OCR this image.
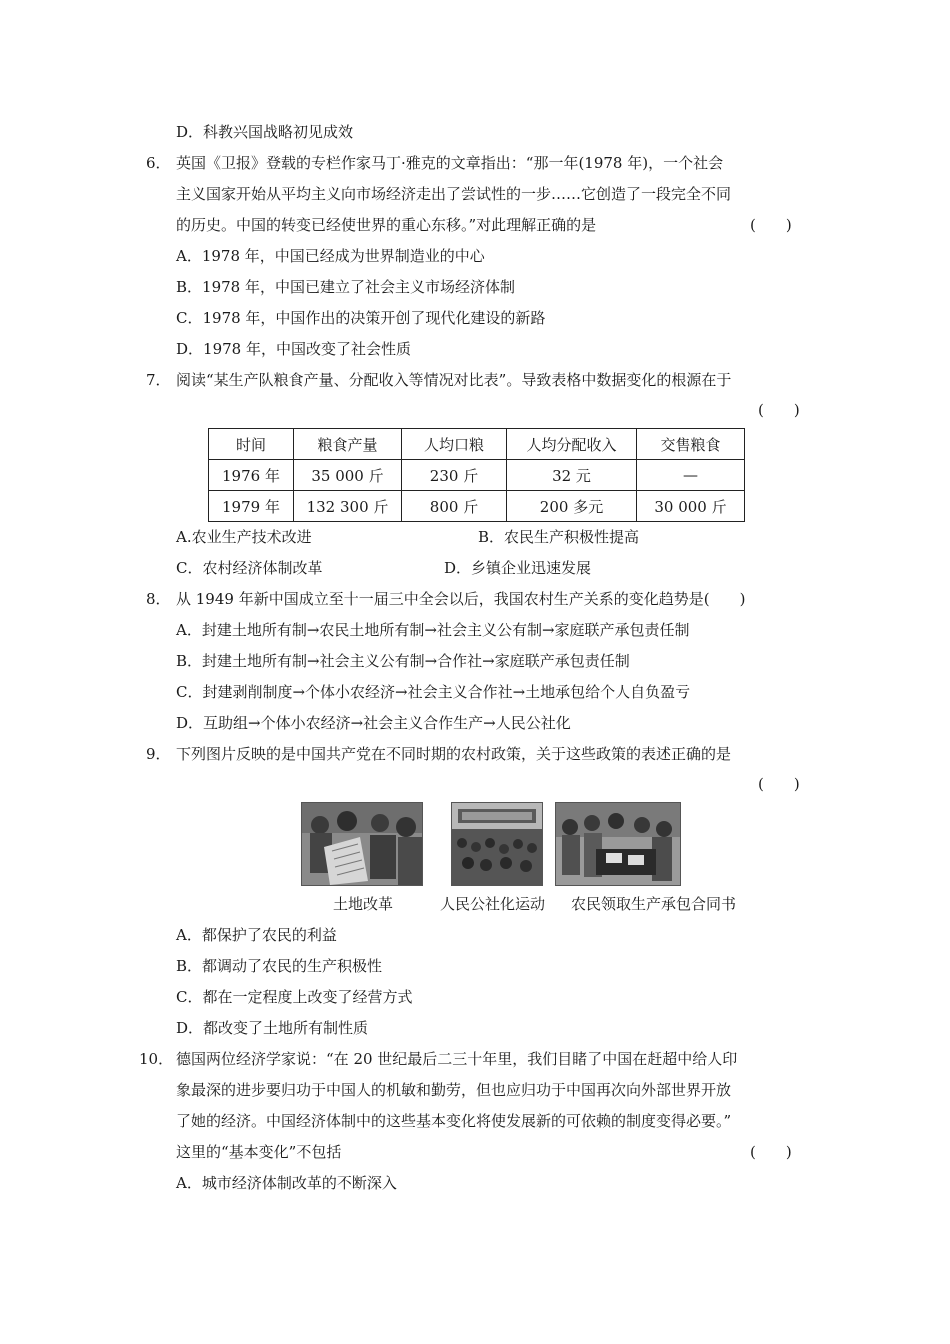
D．科教兴国战略初见成效
6． 英国《卫报》登载的专栏作家马丁·雅克的文章指出：“那一年(1978 年)，一个社会
主义国家开始从平均主义向市场经济走出了尝试性的一步……它创造了一段完全不同
的历史。中国的转变已经使世界的重心东移。”对此理解正确的是	(　　)
A．1978 年，中国已经成为世界制造业的中心
B．1978 年，中国已建立了社会主义市场经济体制
C．1978 年，中国作出的决策开创了现代化建设的新路
D．1978 年，中国改变了社会性质
7． 阅读“某生产队粮食产量、分配收入等情况对比表”。导致表格中数据变化的根源在于
(　　)
时间	粮食产量	人均口粮	人均分配收入	交售粮食
1976 年	35 000 斤	230 斤	32 元	—
1979 年	132 300 斤	800 斤	200 多元	30 000 斤
A.农业生产技术改进	B．农民生产积极性提高
C．农村经济体制改革	D．乡镇企业迅速发展
8． 从 1949 年新中国成立至十一届三中全会以后，我国农村生产关系的变化趋势是(　　)
A．封建土地所有制→农民土地所有制→社会主义公有制→家庭联产承包责任制
B．封建土地所有制→社会主义公有制→合作社→家庭联产承包责任制
C．封建剥削制度→个体小农经济→社会主义合作社→土地承包给个人自负盈亏
D．互助组→个体小农经济→社会主义合作生产→人民公社化
9． 下列图片反映的是中国共产党在不同时期的农村政策，关于这些政策的表述正确的是
(　　)
土地改革	人民公社化运动 农民领取生产承包合同书
A．都保护了农民的利益
B．都调动了农民的生产积极性
C．都在一定程度上改变了经营方式
D．都改变了土地所有制性质
10． 德国两位经济学家说：“在 20 世纪最后二三十年里，我们目睹了中国在赶超中给人印
象最深的进步要归功于中国人的机敏和勤劳，但也应归功于中国再次向外部世界开放
了她的经济。中国经济体制中的这些基本变化将使发展新的可依赖的制度变得必要。”
这里的“基本变化”不包括	(　　)
A．城市经济体制改革的不断深入
